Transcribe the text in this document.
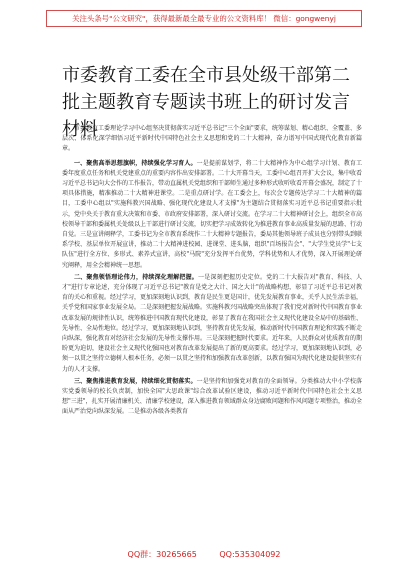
关注头条号"公文研究"，获得最新最全最专业的公文资料库！ 微信：gongwenyj
市委教育工委在全市县处级干部第二批主题教育专题读书班上的研讨发言材料

市委教育工委理论学习中心组坚决贯彻落实习近平总书记"三个全面"要求，统筹谋划、精心组织、全覆盖、多层次、体系化深学细悟习近平新时代中国特色社会主义思想和党的二十大精神，奋力谱写中国式现代化教育新篇章。

一、聚焦高举思想旗帜，持续强化学习育人。一是提前谋划学，将二十大精神作为中心组学习计划、教育工委年度重点任务和机关党建重点的重要内容作出安排部署。二十大开幕当天，工委中心组召开扩大会议，集中收看习近平总书记向大会作的工作报告，带动直属机关党组织和干部师生通过多种形式收听收看开幕会盛况，制定了十项具体措施，精准推动二十大精神进课堂。二是重点研讨学。在工委会上，每次会专题传达学习二十大精神的篇目，工委中心组以"实施科教兴国战略、强化现代化建设人才支撑"为主题结合贯彻落实习近平总书记重要指示批示，党中央关于教育重大决策和市委、市政府安排部署，深入研讨交流。在学习二十大精神研讨会上，组织全市高校领导干部和委属机关处级以上干部进行研讨交流，切实把学习成效转化为推进教育事业高质量发展的思路、行动自觉。三是宣讲阐释学，工委书记为全市教育系统作二十大精神专题报告，委局其他领导班子成员也分别带头到联系学校、基层单位开展宣讲，推动二十大精神进校园、进课堂、进头脑，组织"百场报告会"、"大学生党员学"七支队伍"进行全方位、多形式、素养式宣讲，高校"马院"充分发挥平台优势，学科优势和人才优势，深入开展理论研究阐释，用全会精神统一思想。

二、聚焦领悟理论伟力，持续深化理解把握。一是深刻把握历史定位。党的二十大报告对"教育、科技、人才"进行专章论述，充分体现了习近平总书记"教育是党之大计、国之大计"的战略构想，彰显了习近平总书记对教育的关心和重视。经过学习，更加深刻地认识到，教育是民生更是国计，优先发展教育事业，关乎人民生活幸福，关乎党和国家事业发展全局。二是深刻把握发展战略。实施科教兴国战略突出体现了我们党对新时代中国教育事业改革发展的规律性认识，统筹推进中国教育现代化建设，彰显了教育在我国社会主义现代化建设全局中的基础性、先导性、全局性地位。经过学习，更加深刻地认识到，坚持教育优先发展，推动新时代中国教育理论和实践不断走向纵深，强化教育对经济社会发展的先导性支撑作用。三是深刻把握时代要求。近年来，人民群众对优质教育的期盼更为迫切，建设社会主义现代化强国也对教育改革发展提出了新的更高要求。经过学习，更加深刻地认识到，必须一以贯之坚持立德树人根本任务，必须一以贯之坚持和加强教育改革创新，以教育强国为现代化建设提供坚实有力的人才支撑。

三、聚焦推进教育发展，持续细化贯彻落实。一是坚持和加强党对教育的全面领导。分类推动大中小学校落实党委领导的校长负责制，加快全国"大思政课"综合改革试验区建设，推动习近平新时代中国特色社会主义思想"三进"，扎实开展清廉机关、清廉学校建设，深入推进教育领域群众身边腐败问题和作风问题专项整治，推动全面从严治党向纵深发展。二是推动各级各类教育

QQ群：30265665	QQ:535304092
